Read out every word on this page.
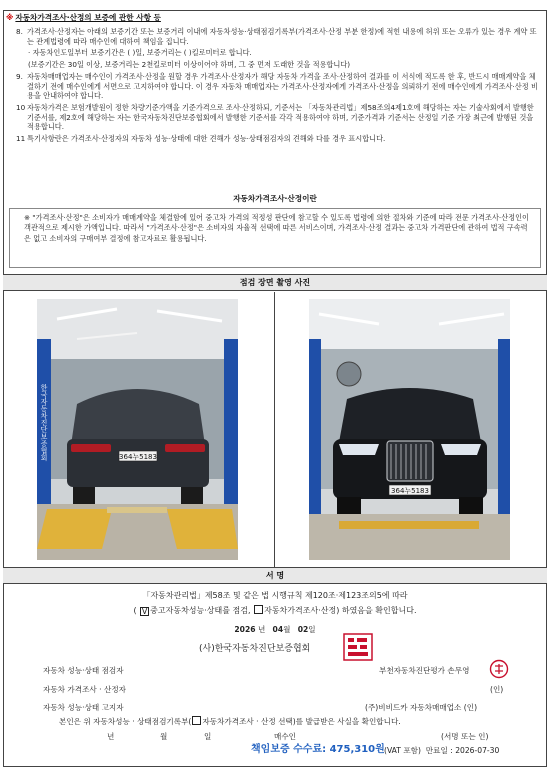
※ 자동차가격조사·산정의 보증에 관한 사항 등
8. 가격조사·산정자는 아래의 보증기간 또는 보증거리 이내에 자동차성능·상태점검기록부(가격조사·산정 부분 한정)에 적힌 내용에 허위 또는 오류가 있는 경우 계약 또는 관계법령에 따라 매수인에 대하여 책임을 집니다.
· 자동차인도일부터 보증기간은 ( )일, 보증거리는 ( )킬로미터로 합니다.
(보증기간은 30일 이상, 보증거리는 2천킬로미터 이상이어야 하며, 그 중 먼저 도래한 것을 적용합니다)
9. 자동차매매업자는 매수인이 가격조사·산정을 원할 경우 가격조사·산정자가 해당 자동차 가격을 조사·산정하여 결과를 이 서식에 적도록 한 후, 반드시 매매계약을 체결하기 전에 매수인에게 서면으로 고지하여야 합니다. 이 경우 자동차 매매업자는 가격조사·산정자에게 가격조사·산정을 의뢰하기 전에 매수인에게 가격조사·산정 비용을 안내하여야 합니다.
10 자동차가격은 보험개발원이 정한 차량기준가액을 기준가격으로 조사·산정하되, 기준서는 「자동차관리법」제58조의4제1호에 해당하는 자는 기술사회에서 발행한 기준서를, 제2호에 해당하는 자는 한국자동차진단보증협회에서 발행한 기준서를 각각 적용하여야 하며, 기준가격과 기준서는 산정일 기준 가장 최근에 발행된 것을 적용합니다.
11 특기사항란은 가격조사·산정자의 자동차 성능·상태에 대한 견해가 성능·상태점검자의 견해와 다를 경우 표시합니다.
자동차가격조사·산정이란
※ "가격조사·산정"은 소비자가 매매계약을 체결함에 있어 중고차 가격의 적정성 판단에 참고할 수 있도록 법령에 의한 절차와 기준에 따라 전문 가격조사·산정인이 객관적으로 제시한 가액입니다. 따라서 "가격조사·산정"은 소비자의 자율적 선택에 따른 서비스이며, 가격조사·산정 결과는 중고차 가격판단에 관하여 법적 구속력은 없고 소비자의 구매여부 결정에 참고자료로 활용됩니다.
점검 장면 촬영 사진
한국자동차진단보증협회	364누5183
364누5183
서 명
「자동차관리법」제58조 및 같은 법 시행규칙 제120조·제123조의5에 따라
( V 중고자동차성능·상태를 점검, 자동차가격조사·산정) 하였음을 확인합니다.
2026 년 04월 02일
(사)한국자동차진단보증협회
자동차 성능·상태 점검자	부천자동차진단평가 손무영
자동차 가격조사 · 산정자	(인)
자동차 성능·상태 고지자	(주)비비드카 자동차매매업소 (인)
본인은 위 자동차성능 · 상태점검기록부( 자동차가격조사 · 산정 선택)를 발급받은 사실을 확인합니다.
년	월	일	매수인	(서명 또는 인)
책임보증 수수료: 475,310원 (VAT 포함) 만료일 : 2026-07-30
